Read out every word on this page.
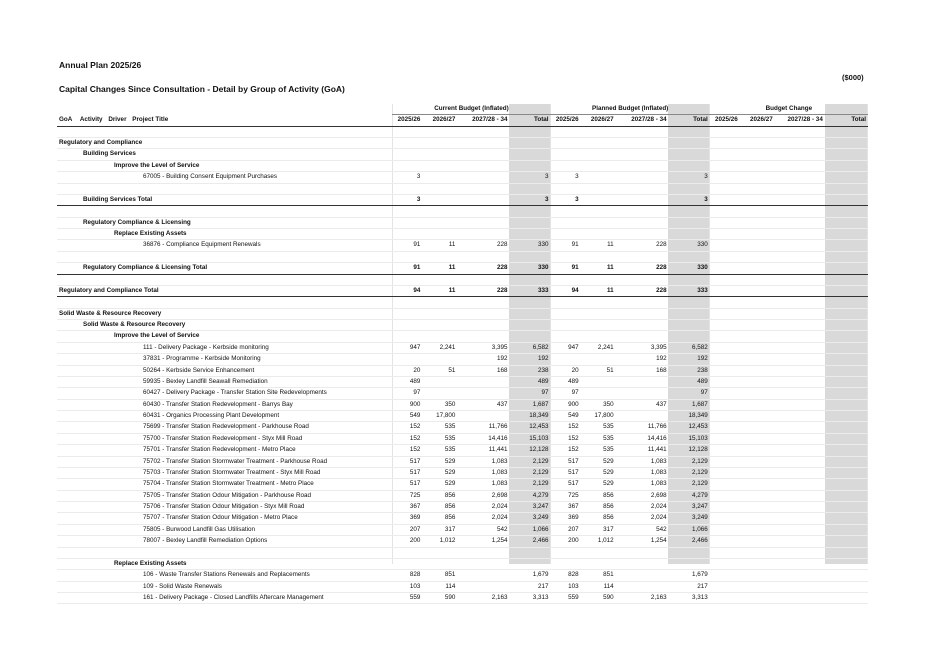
Annual Plan 2025/26
Capital Changes Since Consultation - Detail by Group of Activity (GoA)
($000)
	Current Budget (Inflated)				Planned Budget (Inflated)				Budget Change			
GoA Activity Driver Project Title	2025/26	2026/27	2027/28 - 34	Total	2025/26	2026/27	2027/28 - 34	Total	2025/26	2026/27	2027/28 - 34	Total

Regulatory and Compliance												
Building Services												
Improve the Level of Service												
67005 - Building Consent Equipment Purchases	3			3	3			3				

Building Services Total	3			3	3			3				

Regulatory Compliance & Licensing												
Replace Existing Assets												
36876 - Compliance Equipment Renewals	91	11	228	330	91	11	228	330				

Regulatory Compliance & Licensing Total	91	11	228	330	91	11	228	330				

Regulatory and Compliance Total	94	11	228	333	94	11	228	333				

Solid Waste & Resource Recovery												
Solid Waste & Resource Recovery												
Improve the Level of Service												
111 - Delivery Package - Kerbside monitoring	947	2,241	3,395	6,582	947	2,241	3,395	6,582				
37831 - Programme - Kerbside Monitoring			192	192			192	192				
50264 - Kerbside Service Enhancement	20	51	168	238	20	51	168	238				
59935 - Bexley Landfill Seawall Remediation	489			489	489			489				
60427 - Delivery Package - Transfer Station Site Redevelopments	97			97	97			97				
60430 - Transfer Station Redevelopment - Barrys Bay	900	350	437	1,687	900	350	437	1,687				
60431 - Organics Processing Plant Development	549	17,800		18,349	549	17,800		18,349				
75699 - Transfer Station Redevelopment - Parkhouse Road	152	535	11,766	12,453	152	535	11,766	12,453				
75700 - Transfer Station Redevelopment - Styx Mill Road	152	535	14,416	15,103	152	535	14,416	15,103				
75701 - Transfer Station Redevelopment - Metro Place	152	535	11,441	12,128	152	535	11,441	12,128				
75702 - Transfer Station Stormwater Treatment - Parkhouse Road	517	529	1,083	2,129	517	529	1,083	2,129				
75703 - Transfer Station Stormwater Treatment - Styx Mill Road	517	529	1,083	2,129	517	529	1,083	2,129				
75704 - Transfer Station Stormwater Treatment - Metro Place	517	529	1,083	2,129	517	529	1,083	2,129				
75705 - Transfer Station Odour Mitigation - Parkhouse Road	725	856	2,698	4,279	725	856	2,698	4,279				
75706 - Transfer Station Odour Mitigation - Styx Mill Road	367	856	2,024	3,247	367	856	2,024	3,247				
75707 - Transfer Station Odour Mitigation - Metro Place	369	856	2,024	3,249	369	856	2,024	3,249				
75805 - Burwood Landfill Gas Utilisation	207	317	542	1,066	207	317	542	1,066				
78007 - Bexley Landfill Remediation Options	200	1,012	1,254	2,466	200	1,012	1,254	2,466				

Replace Existing Assets												
106 - Waste Transfer Stations Renewals and Replacements	828	851		1,679	828	851		1,679				
109 - Solid Waste Renewals	103	114		217	103	114		217				
161 - Delivery Package - Closed Landfills Aftercare Management	559	590	2,163	3,313	559	590	2,163	3,313				
